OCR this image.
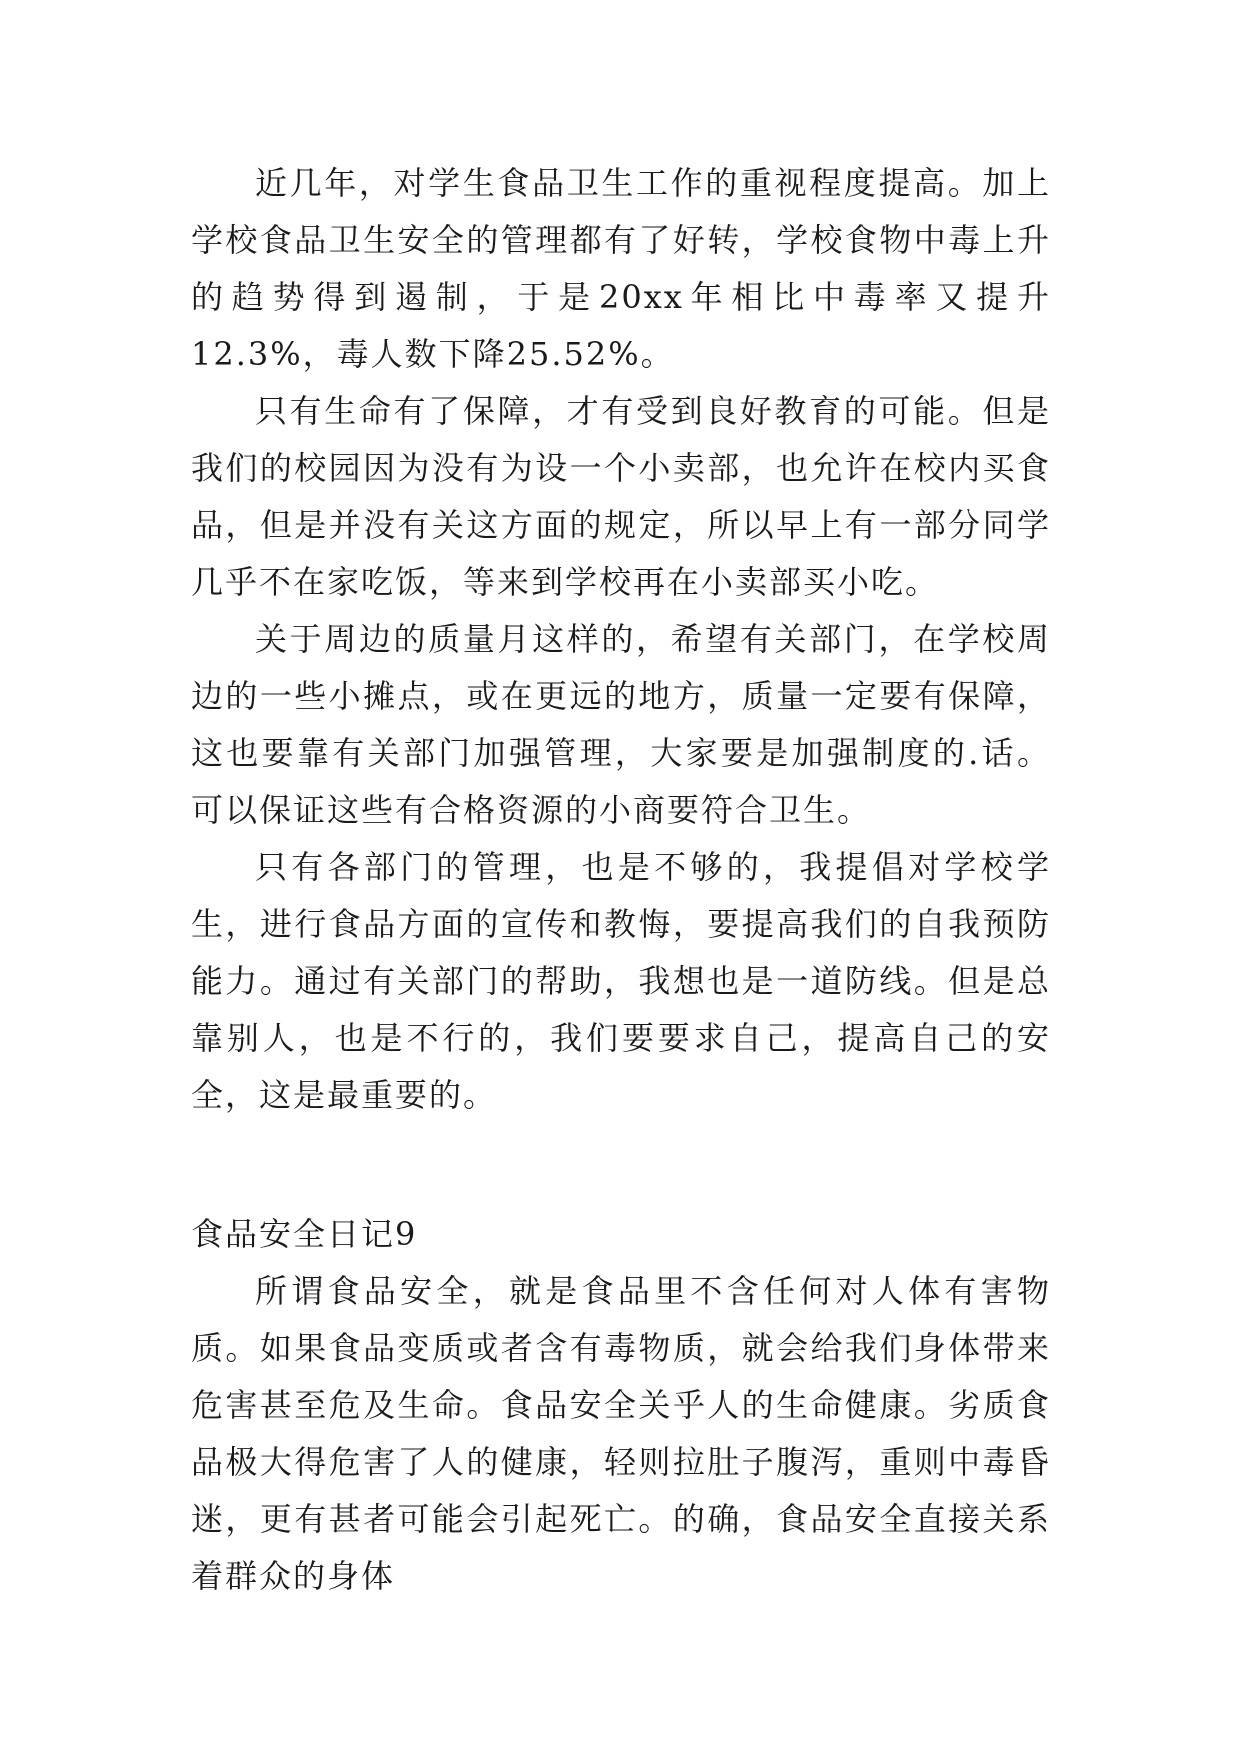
近几年，对学生食品卫生工作的重视程度提高。加上学校食品卫生安全的管理都有了好转，学校食物中毒上升的趋势得到遏制，于是20xx年相比中毒率又提升12.3%，毒人数下降25.52%。

只有生命有了保障，才有受到良好教育的可能。但是我们的校园因为没有为设一个小卖部，也允许在校内买食品，但是并没有关这方面的规定，所以早上有一部分同学几乎不在家吃饭，等来到学校再在小卖部买小吃。

关于周边的质量月这样的，希望有关部门，在学校周边的一些小摊点，或在更远的地方，质量一定要有保障，这也要靠有关部门加强管理，大家要是加强制度的.话。可以保证这些有合格资源的小商要符合卫生。

只有各部门的管理，也是不够的，我提倡对学校学生，进行食品方面的宣传和教悔，要提高我们的自我预防能力。通过有关部门的帮助，我想也是一道防线。但是总靠别人，也是不行的，我们要要求自己，提高自己的安全，这是最重要的。

食品安全日记9

所谓食品安全，就是食品里不含任何对人体有害物质。如果食品变质或者含有毒物质，就会给我们身体带来危害甚至危及生命。食品安全关乎人的生命健康。劣质食品极大得危害了人的健康，轻则拉肚子腹泻，重则中毒昏迷，更有甚者可能会引起死亡。的确，食品安全直接关系着群众的身体
